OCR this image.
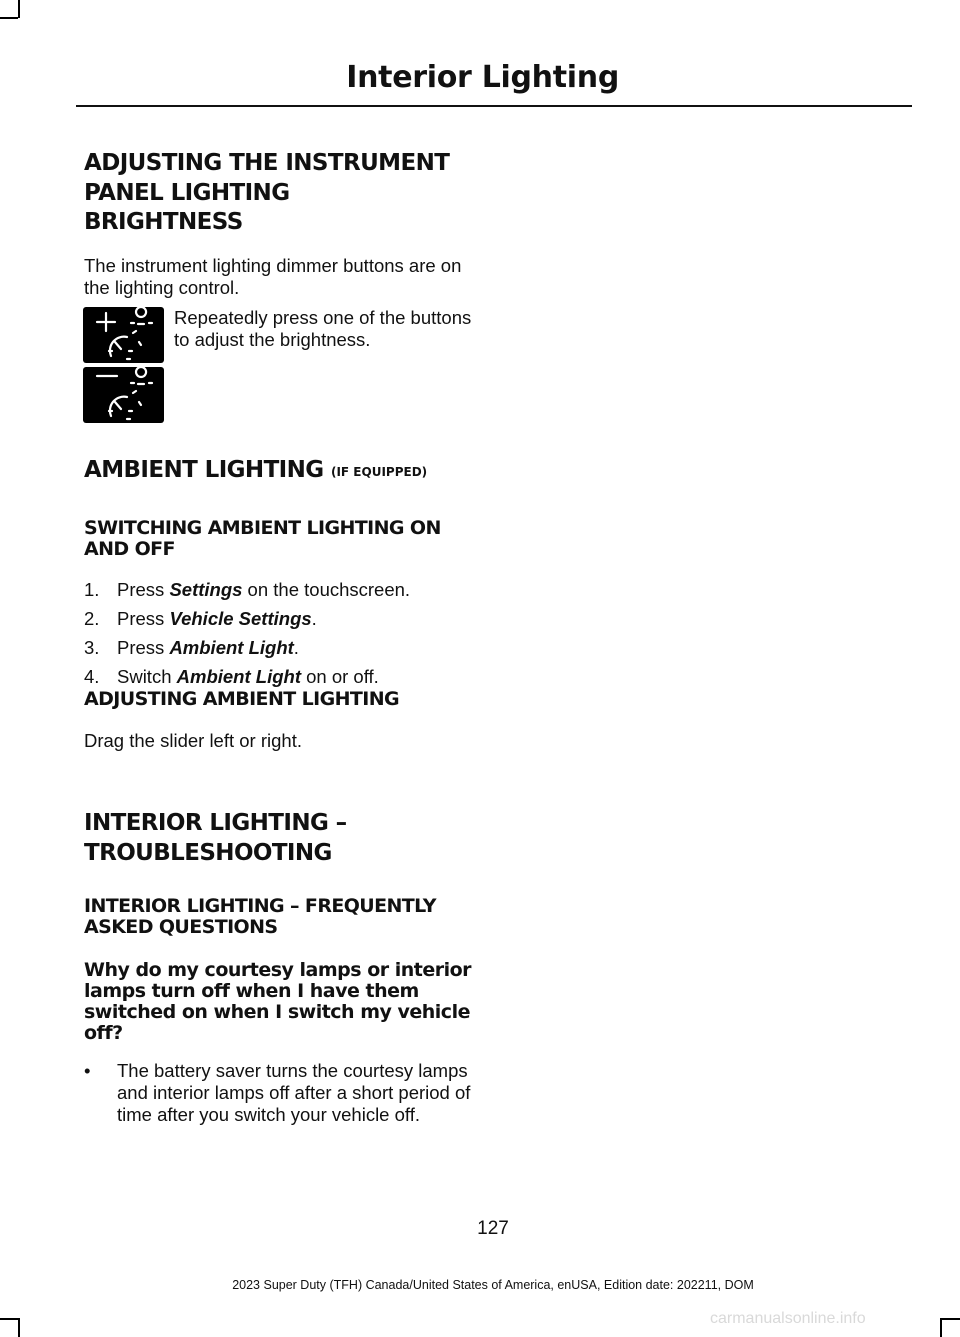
Interior Lighting
ADJUSTING THE INSTRUMENT
PANEL LIGHTING
BRIGHTNESS

The instrument lighting dimmer buttons are on the lighting control.

Repeatedly press one of the buttons to adjust the brightness.

AMBIENT LIGHTING (IF EQUIPPED)
SWITCHING AMBIENT LIGHTING ON AND OFF
1. Press Settings on the touchscreen.
2. Press Vehicle Settings.
3. Press Ambient Light.
4. Switch Ambient Light on or off.
ADJUSTING AMBIENT LIGHTING

Drag the slider left or right.

INTERIOR LIGHTING –
TROUBLESHOOTING
INTERIOR LIGHTING – FREQUENTLY ASKED QUESTIONS
Why do my courtesy lamps or interior lamps turn off when I have them switched on when I switch my vehicle off?
•	The battery saver turns the courtesy lamps and interior lamps off after a short period of time after you switch your vehicle off.
127
2023 Super Duty (TFH) Canada/United States of America, enUSA, Edition date: 202211, DOM
carmanualsonline.info
